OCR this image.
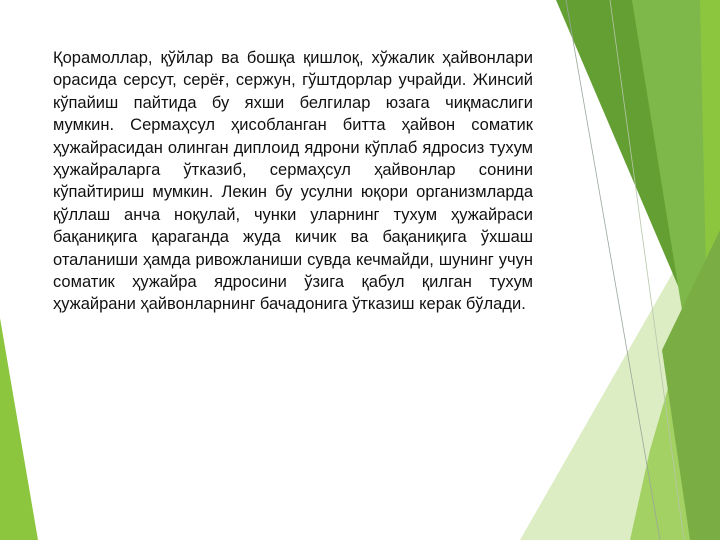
Қорамоллар, қўйлар ва бошқа қишлоқ, хўжалик ҳайвонлари орасида серсут, серёғ, сержун, гўштдорлар учрайди. Жинсий кўпайиш пайтида бу яхши белгилар юзага чиқмаслиги мумкин. Сермаҳсул ҳисобланган битта ҳайвон соматик ҳужайрасидан олинган диплоид ядрони кўплаб ядросиз тухум ҳужайраларга ўтказиб, сермаҳсул ҳайвонлар сонини кўпайтириш мумкин. Лекин бу усулни юқори организмларда қўллаш анча ноқулай, чунки уларнинг тухум ҳужайраси бақаниқига қараганда жуда кичик ва бақаниқига ўхшаш оталаниши ҳамда ривожланиши сувда кечмайди, шунинг учун соматик ҳужайра ядросини ўзига қабул қилган тухум ҳужайрани ҳайвонларнинг бачадонига ўтказиш керак бўлади.
